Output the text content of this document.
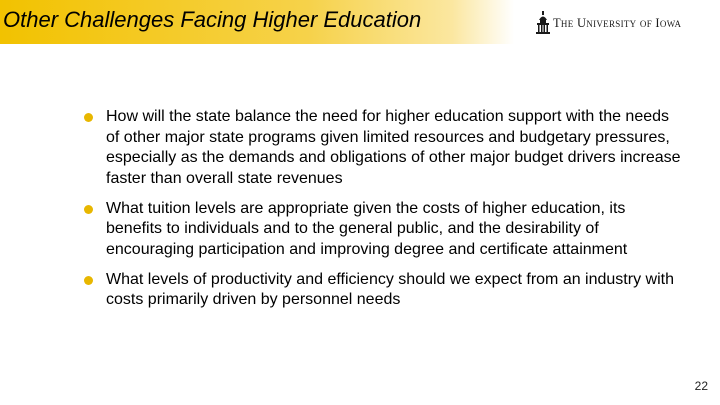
Other Challenges Facing Higher Education	The University of Iowa
How will the state balance the need for higher education support with the needs of other major state programs given limited resources and budgetary pressures, especially as the demands and obligations of other major budget drivers increase faster than overall state revenues
What tuition levels are appropriate given the costs of higher education, its benefits to individuals and to the general public, and the desirability of encouraging participation and improving degree and certificate attainment
What levels of productivity and efficiency should we expect from an industry with costs primarily driven by personnel needs
22
